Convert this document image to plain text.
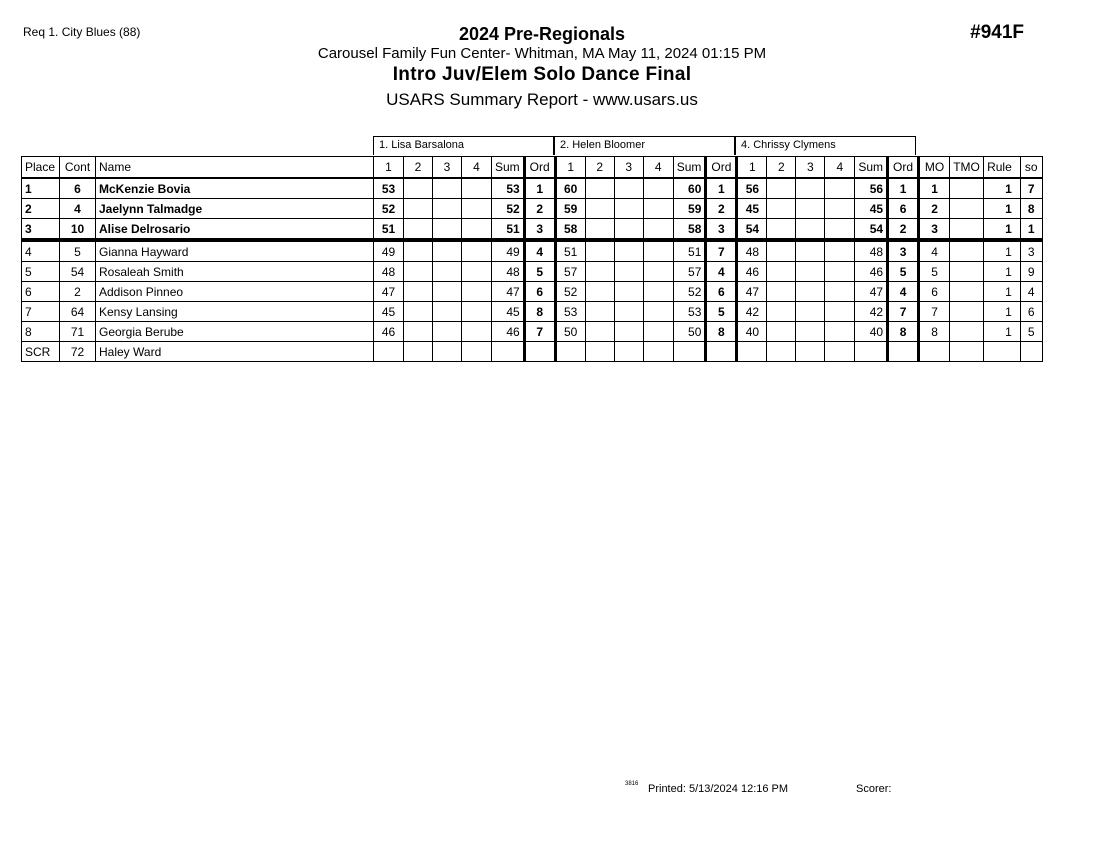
Req 1. City Blues (88)	#941F
2024 Pre-Regionals
Carousel Family Fun Center- Whitman, MA May 11, 2024 01:15 PM
Intro Juv/Elem Solo Dance Final
USARS Summary Report - www.usars.us
1. Lisa Barsalona	2. Helen Bloomer	4. Chrissy Clymens
Place	Cont	Name	1	2	3	4	Sum	Ord	1	2	3	4	Sum	Ord	1	2	3	4	Sum	Ord	MO	TMO	Rule	so
1	6	McKenzie Bovia	53				53	1	60				60	1	56				56	1	1		1	7
2	4	Jaelynn Talmadge	52				52	2	59				59	2	45				45	6	2		1	8
3	10	Alise Delrosario	51				51	3	58				58	3	54				54	2	3		1	1
4	5	Gianna Hayward	49				49	4	51				51	7	48				48	3	4		1	3
5	54	Rosaleah Smith	48				48	5	57				57	4	46				46	5	5		1	9
6	2	Addison Pinneo	47				47	6	52				52	6	47				47	4	6		1	4
7	64	Kensy Lansing	45				45	8	53				53	5	42				42	7	7		1	6
8	71	Georgia Berube	46				46	7	50				50	8	40				40	8	8		1	5
SCR	72	Haley Ward																						
3816 Printed: 5/13/2024 12:16 PM	Scorer:
